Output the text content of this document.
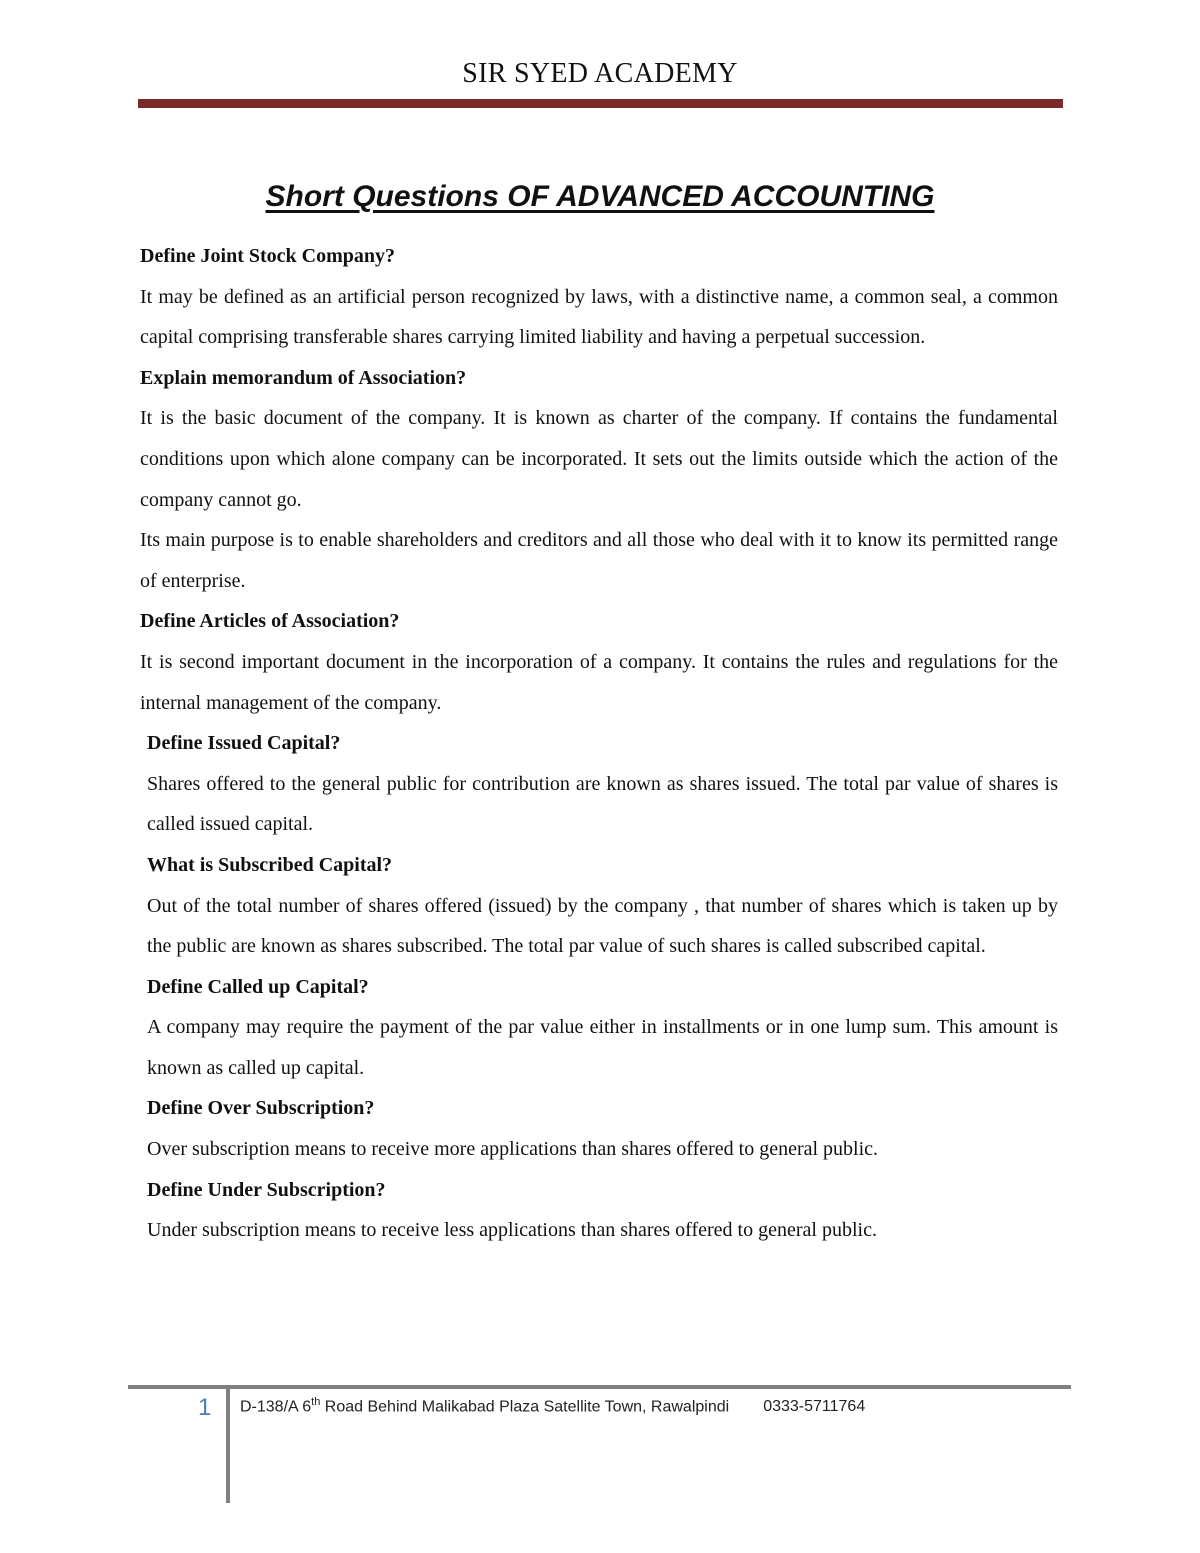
SIR SYED ACADEMY
Short Questions OF ADVANCED ACCOUNTING
Define Joint Stock Company?
It may be defined as an artificial person recognized by laws, with a distinctive name, a common seal, a common capital comprising transferable shares carrying limited liability and having a perpetual succession.
Explain memorandum of Association?
It is the basic document of the company. It is known as charter of the company. If contains the fundamental conditions upon which alone company can be incorporated. It sets out the limits outside which the action of the company cannot go.
Its main purpose is to enable shareholders and creditors and all those who deal with it to know its permitted range of enterprise.
Define Articles of Association?
It is second important document in the incorporation of a company. It contains the rules and regulations for the internal management of the company.
Define Issued Capital?
Shares offered to the general public for contribution are known as shares issued. The total par value of shares is called issued capital.
What is Subscribed Capital?
Out of the total number of shares offered (issued) by the company , that number of shares which is taken up by the public are known as shares subscribed. The total par value of such shares is called subscribed capital.
Define Called up Capital?
A company may require the payment of the par value either in installments or in one lump sum. This amount is known as called up capital.
Define Over Subscription?
Over subscription means to receive more applications than shares offered to general public.
Define Under Subscription?
Under subscription means to receive less applications than shares offered to general public.
1 D-138/A 6th Road Behind Malikabad Plaza Satellite Town, Rawalpindi 0333-5711764
